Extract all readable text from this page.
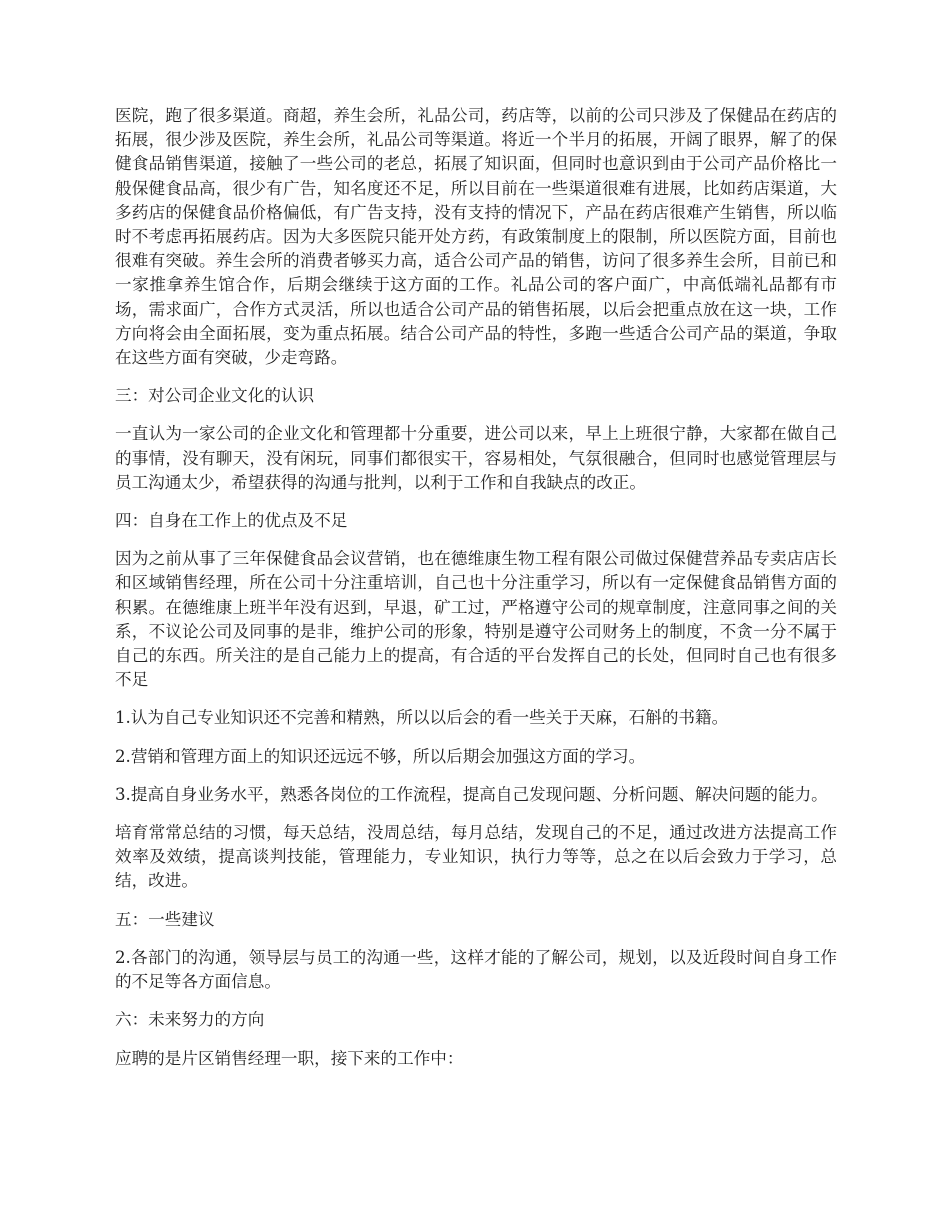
医院，跑了很多渠道。商超，养生会所，礼品公司，药店等，以前的公司只涉及了保健品在药店的拓展，很少涉及医院，养生会所，礼品公司等渠道。将近一个半月的拓展，开阔了眼界，解了的保健食品销售渠道，接触了一些公司的老总，拓展了知识面，但同时也意识到由于公司产品价格比一般保健食品高，很少有广告，知名度还不足，所以目前在一些渠道很难有进展，比如药店渠道，大多药店的保健食品价格偏低，有广告支持，没有支持的情况下，产品在药店很难产生销售，所以临时不考虑再拓展药店。因为大多医院只能开处方药，有政策制度上的限制，所以医院方面，目前也很难有突破。养生会所的消费者够买力高，适合公司产品的销售，访问了很多养生会所，目前已和一家推拿养生馆合作，后期会继续于这方面的工作。礼品公司的客户面广，中高低端礼品都有市场，需求面广，合作方式灵活，所以也适合公司产品的销售拓展，以后会把重点放在这一块，工作方向将会由全面拓展，变为重点拓展。结合公司产品的特性，多跑一些适合公司产品的渠道，争取在这些方面有突破，少走弯路。

三：对公司企业文化的认识

一直认为一家公司的企业文化和管理都十分重要，进公司以来，早上上班很宁静，大家都在做自己的事情，没有聊天，没有闲玩，同事们都很实干，容易相处，气氛很融合，但同时也感觉管理层与员工沟通太少，希望获得的沟通与批判，以利于工作和自我缺点的改正。

四：自身在工作上的优点及不足

因为之前从事了三年保健食品会议营销，也在德维康生物工程有限公司做过保健营养品专卖店店长和区域销售经理，所在公司十分注重培训，自己也十分注重学习，所以有一定保健食品销售方面的积累。在德维康上班半年没有迟到，早退，矿工过，严格遵守公司的规章制度，注意同事之间的关系，不议论公司及同事的是非，维护公司的形象，特别是遵守公司财务上的制度，不贪一分不属于自己的东西。所关注的是自己能力上的提高，有合适的平台发挥自己的长处，但同时自己也有很多不足

1.认为自己专业知识还不完善和精熟，所以以后会的看一些关于天麻，石斛的书籍。

2.营销和管理方面上的知识还远远不够，所以后期会加强这方面的学习。

3.提高自身业务水平，熟悉各岗位的工作流程，提高自己发现问题、分析问题、解决问题的能力。

培育常常总结的习惯，每天总结，没周总结，每月总结，发现自己的不足，通过改进方法提高工作效率及效绩，提高谈判技能，管理能力，专业知识，执行力等等，总之在以后会致力于学习，总结，改进。

五：一些建议

2.各部门的沟通，领导层与员工的沟通一些，这样才能的了解公司，规划，以及近段时间自身工作的不足等各方面信息。

六：未来努力的方向

应聘的是片区销售经理一职，接下来的工作中：
